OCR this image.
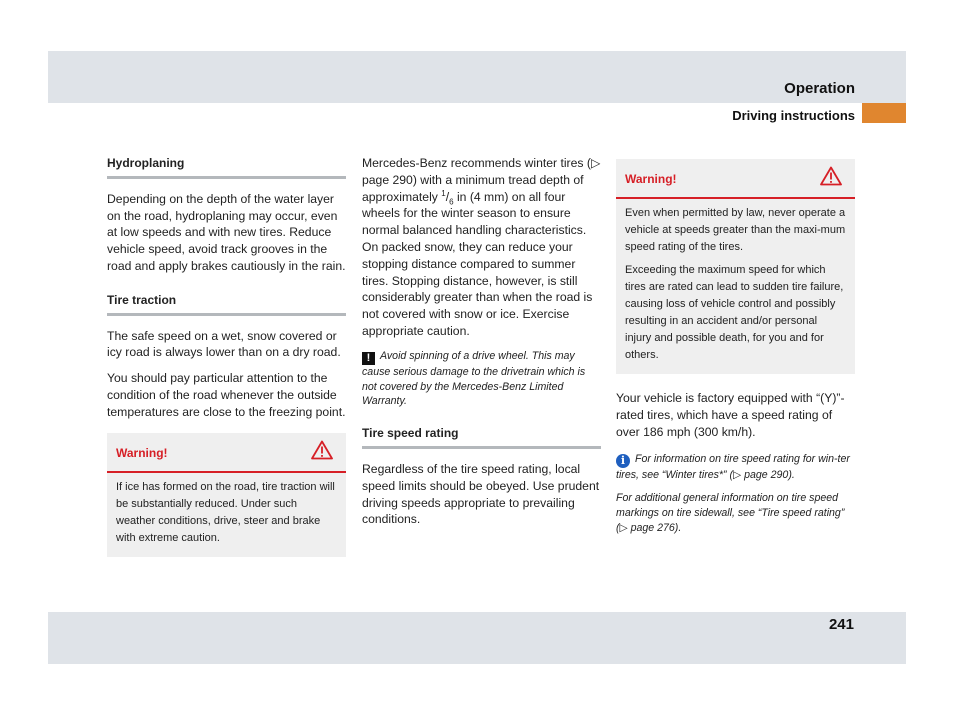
Operation
Driving instructions
Hydroplaning

Depending on the depth of the water layer on the road, hydroplaning may occur, even at low speeds and with new tires. Reduce vehicle speed, avoid track grooves in the road and apply brakes cautiously in the rain.

Tire traction

The safe speed on a wet, snow covered or icy road is always lower than on a dry road.

You should pay particular attention to the condition of the road whenever the outside temperatures are close to the freezing point.

Warning!

If ice has formed on the road, tire traction will be substantially reduced. Under such weather conditions, drive, steer and brake with extreme caution.

Mercedes-Benz recommends winter tires (▷ page 290) with a minimum tread depth of approximately $^1/_6$ in (4 mm) on all four wheels for the winter season to ensure normal balanced handling characteristics. On packed snow, they can reduce your stopping distance compared to summer tires. Stopping distance, however, is still considerably greater than when the road is not covered with snow or ice. Exercise appropriate caution.

! Avoid spinning of a drive wheel. This may cause serious damage to the drivetrain which is not covered by the Mercedes-Benz Limited Warranty.

Tire speed rating

Regardless of the tire speed rating, local speed limits should be obeyed. Use prudent driving speeds appropriate to prevailing conditions.

Warning!

Even when permitted by law, never operate a vehicle at speeds greater than the maxi-mum speed rating of the tires.

Exceeding the maximum speed for which tires are rated can lead to sudden tire failure, causing loss of vehicle control and possibly resulting in an accident and/or personal injury and possible death, for you and for others.

Your vehicle is factory equipped with “(Y)”-rated tires, which have a speed rating of over 186 mph (300 km/h).

i For information on tire speed rating for win-ter tires, see “Winter tires*” (▷ page 290).

For additional general information on tire speed markings on tire sidewall, see “Tire speed rating” (▷ page 276).

241
